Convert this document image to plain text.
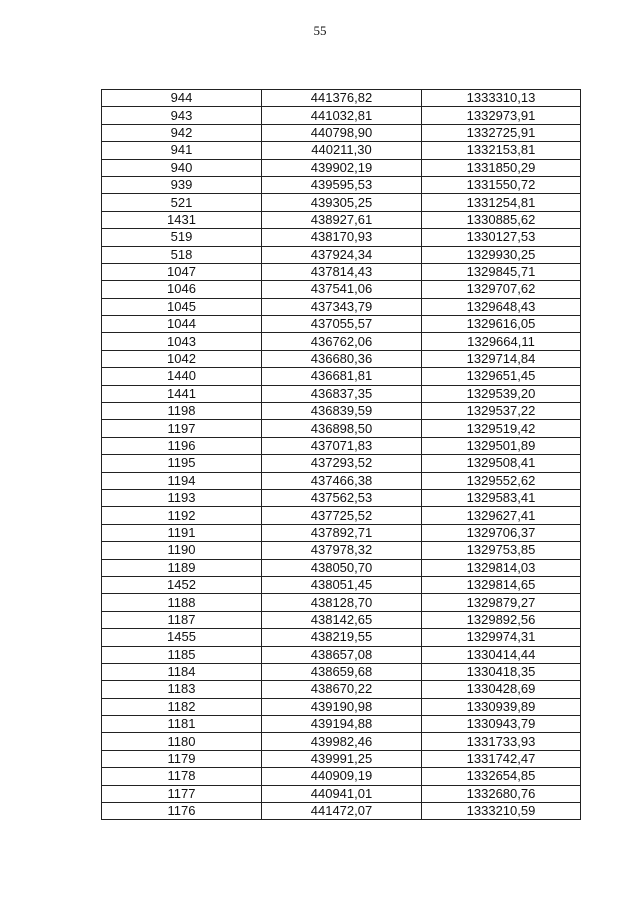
55
944	441376,82	1333310,13
943	441032,81	1332973,91
942	440798,90	1332725,91
941	440211,30	1332153,81
940	439902,19	1331850,29
939	439595,53	1331550,72
521	439305,25	1331254,81
1431	438927,61	1330885,62
519	438170,93	1330127,53
518	437924,34	1329930,25
1047	437814,43	1329845,71
1046	437541,06	1329707,62
1045	437343,79	1329648,43
1044	437055,57	1329616,05
1043	436762,06	1329664,11
1042	436680,36	1329714,84
1440	436681,81	1329651,45
1441	436837,35	1329539,20
1198	436839,59	1329537,22
1197	436898,50	1329519,42
1196	437071,83	1329501,89
1195	437293,52	1329508,41
1194	437466,38	1329552,62
1193	437562,53	1329583,41
1192	437725,52	1329627,41
1191	437892,71	1329706,37
1190	437978,32	1329753,85
1189	438050,70	1329814,03
1452	438051,45	1329814,65
1188	438128,70	1329879,27
1187	438142,65	1329892,56
1455	438219,55	1329974,31
1185	438657,08	1330414,44
1184	438659,68	1330418,35
1183	438670,22	1330428,69
1182	439190,98	1330939,89
1181	439194,88	1330943,79
1180	439982,46	1331733,93
1179	439991,25	1331742,47
1178	440909,19	1332654,85
1177	440941,01	1332680,76
1176	441472,07	1333210,59
